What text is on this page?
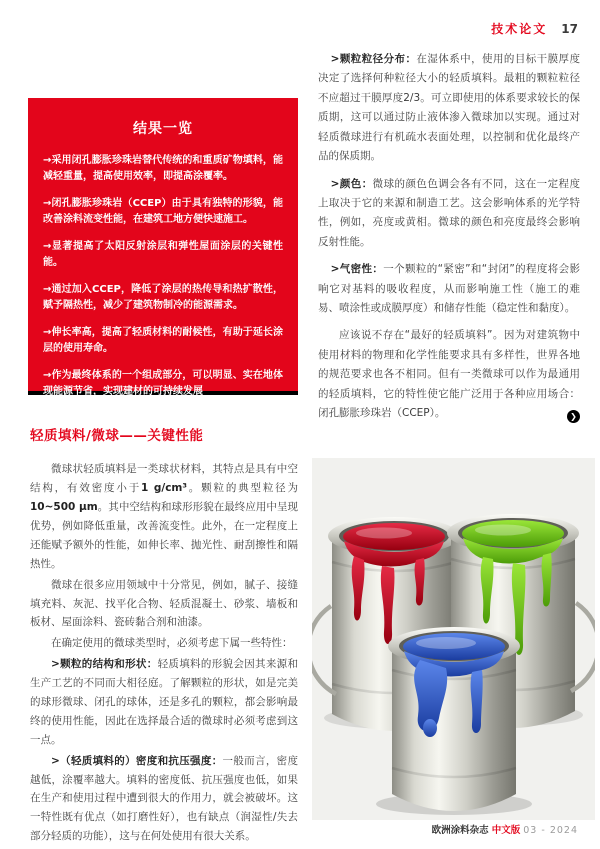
技术论文 17
结果一览

→采用闭孔膨胀珍珠岩替代传统的和重质矿物填料，能减轻重量，提高使用效率，即提高涂覆率。

→闭孔膨胀珍珠岩（CCEP）由于具有独特的形貌，能改善涂料流变性能，在建筑工地方便快速施工。

→显著提高了太阳反射涂层和弹性屋面涂层的关键性能。

→通过加入CCEP，降低了涂层的热传导和热扩散性，赋予隔热性，减少了建筑物制冷的能源需求。

→伸长率高，提高了轻质材料的耐候性，有助于延长涂层的使用寿命。

→作为最终体系的一个组成部分，可以明显、实在地体现能源节省，实现建材的可持续发展

>颗粒粒径分布：在湿体系中，使用的目标干膜厚度决定了选择何种粒径大小的轻质填料。最粗的颗粒粒径不应超过干膜厚度2/3。可立即使用的体系要求较长的保质期，这可以通过防止液体渗入微球加以实现。通过对轻质微球进行有机疏水表面处理，以控制和优化最终产品的保质期。

>颜色：微球的颜色色调会各有不同，这在一定程度上取决于它的来源和制造工艺。这会影响体系的光学特性，例如，亮度或黄相。微球的颜色和亮度最终会影响反射性能。

>气密性：一个颗粒的“紧密”和“封闭”的程度将会影响它对基料的吸收程度，从而影响施工性（施工的难易、喷涂性或成膜厚度）和储存性能（稳定性和黏度）。

应该说不存在“最好的轻质填料”。因为对建筑物中使用材料的物理和化学性能要求具有多样性，世界各地的规范要求也各不相同。但有一类微球可以作为最通用的轻质填料，它的特性使它能广泛用于各种应用场合：闭孔膨胀珍珠岩（CCEP）。	❯

轻质填料/微球——关键性能

微球状轻质填料是一类球状材料，其特点是具有中空结构，有效密度小于1 g/cm³。颗粒的典型粒径为10~500 μm。其中空结构和球形形貌在最终应用中呈现优势，例如降低重量，改善流变性。此外，在一定程度上还能赋予额外的性能，如伸长率、抛光性、耐刮擦性和隔热性。

微球在很多应用领域中十分常见，例如，腻子、接缝填充料、灰泥、找平化合物、轻质混凝土、砂浆、墙板和板材、屋面涂料、瓷砖黏合剂和油漆。

在确定使用的微球类型时，必须考虑下属一些特性：

>颗粒的结构和形状：轻质填料的形貌会因其来源和生产工艺的不同而大相径庭。了解颗粒的形状，如是完美的球形微球、闭孔的球体，还是多孔的颗粒，都会影响最终的使用性能，因此在选择最合适的微球时必须考虑到这一点。

>（轻质填料的）密度和抗压强度：一般而言，密度越低，涂覆率越大。填料的密度低、抗压强度也低，如果在生产和使用过程中遭到很大的作用力，就会被破坏。这一特性既有优点（如打磨性好），也有缺点（润湿性/失去部分轻质的功能），这与在何处使用有很大关系。	欧洲涂料杂志 中文版 03 - 2024
